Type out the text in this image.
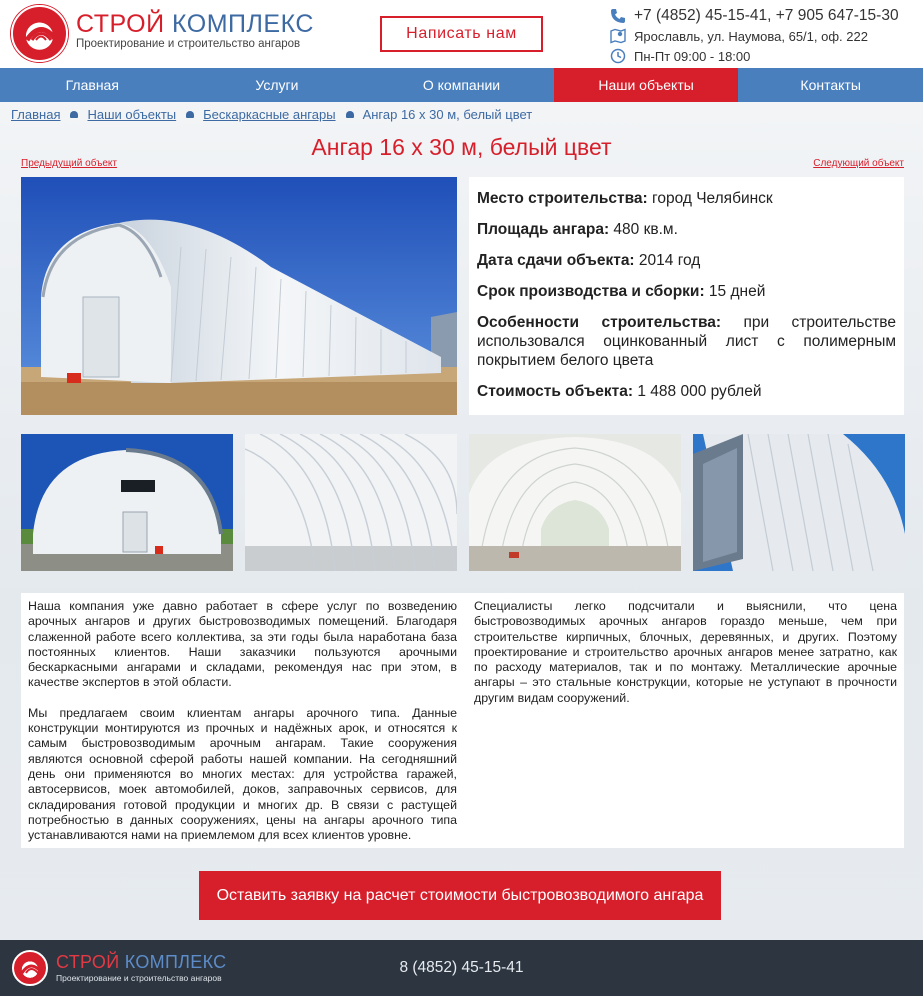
СТРОЙ КОМПЛЕКС
Проектирование и строительство ангаров
Написать нам
+7 (4852) 45-15-41, +7 905 647-15-30
Ярославль, ул. Наумова, 65/1, оф. 222
Пн-Пт 09:00 - 18:00
Главная	Услуги	О компании	Наши объекты	Контакты
Главная Наши объекты Бескаркасные ангары Ангар 16 x 30 м, белый цвет
Ангар 16 x 30 м, белый цвет
Предыдущий объект	Следующий объект
Место строительства: город Челябинск
Площадь ангара: 480 кв.м.
Дата сдачи объекта: 2014 год
Срок производства и сборки: 15 дней
Особенности строительства: при строительстве использовался оцинкованный лист с полимерным покрытием белого цвета
Стоимость объекта: 1 488 000 рублей

Наша компания уже давно работает в сфере услуг по возведению арочных ангаров и других быстровозводимых помещений. Благодаря слаженной работе всего коллектива, за эти годы была наработана база постоянных клиентов. Наши заказчики пользуются арочными бескаркасными ангарами и складами, рекомендуя нас при этом, в качестве экспертов в этой области.

Мы предлагаем своим клиентам ангары арочного типа. Данные конструкции монтируются из прочных и надёжных арок, и относятся к самым быстровозводимым арочным ангарам. Такие сооружения являются основной сферой работы нашей компании. На сегодняшний день они применяются во многих местах: для устройства гаражей, автосервисов, моек автомобилей, доков, заправочных сервисов, для складирования готовой продукции и многих др. В связи с растущей потребностью в данных сооружениях, цены на ангары арочного типа устанавливаются нами на приемлемом для всех клиентов уровне.

Специалисты легко подсчитали и выяснили, что цена быстровозводимых арочных ангаров гораздо меньше, чем при строительстве кирпичных, блочных, деревянных, и других. Поэтому проектирование и строительство арочных ангаров менее затратно, как по расходу материалов, так и по монтажу. Металлические арочные ангары – это стальные конструкции, которые не уступают в прочности другим видам сооружений.

Оставить заявку на расчет стоимости быстровозводимого ангара
СТРОЙ КОМПЛЕКС
Проектирование и строительство ангаров
8 (4852) 45-15-41
